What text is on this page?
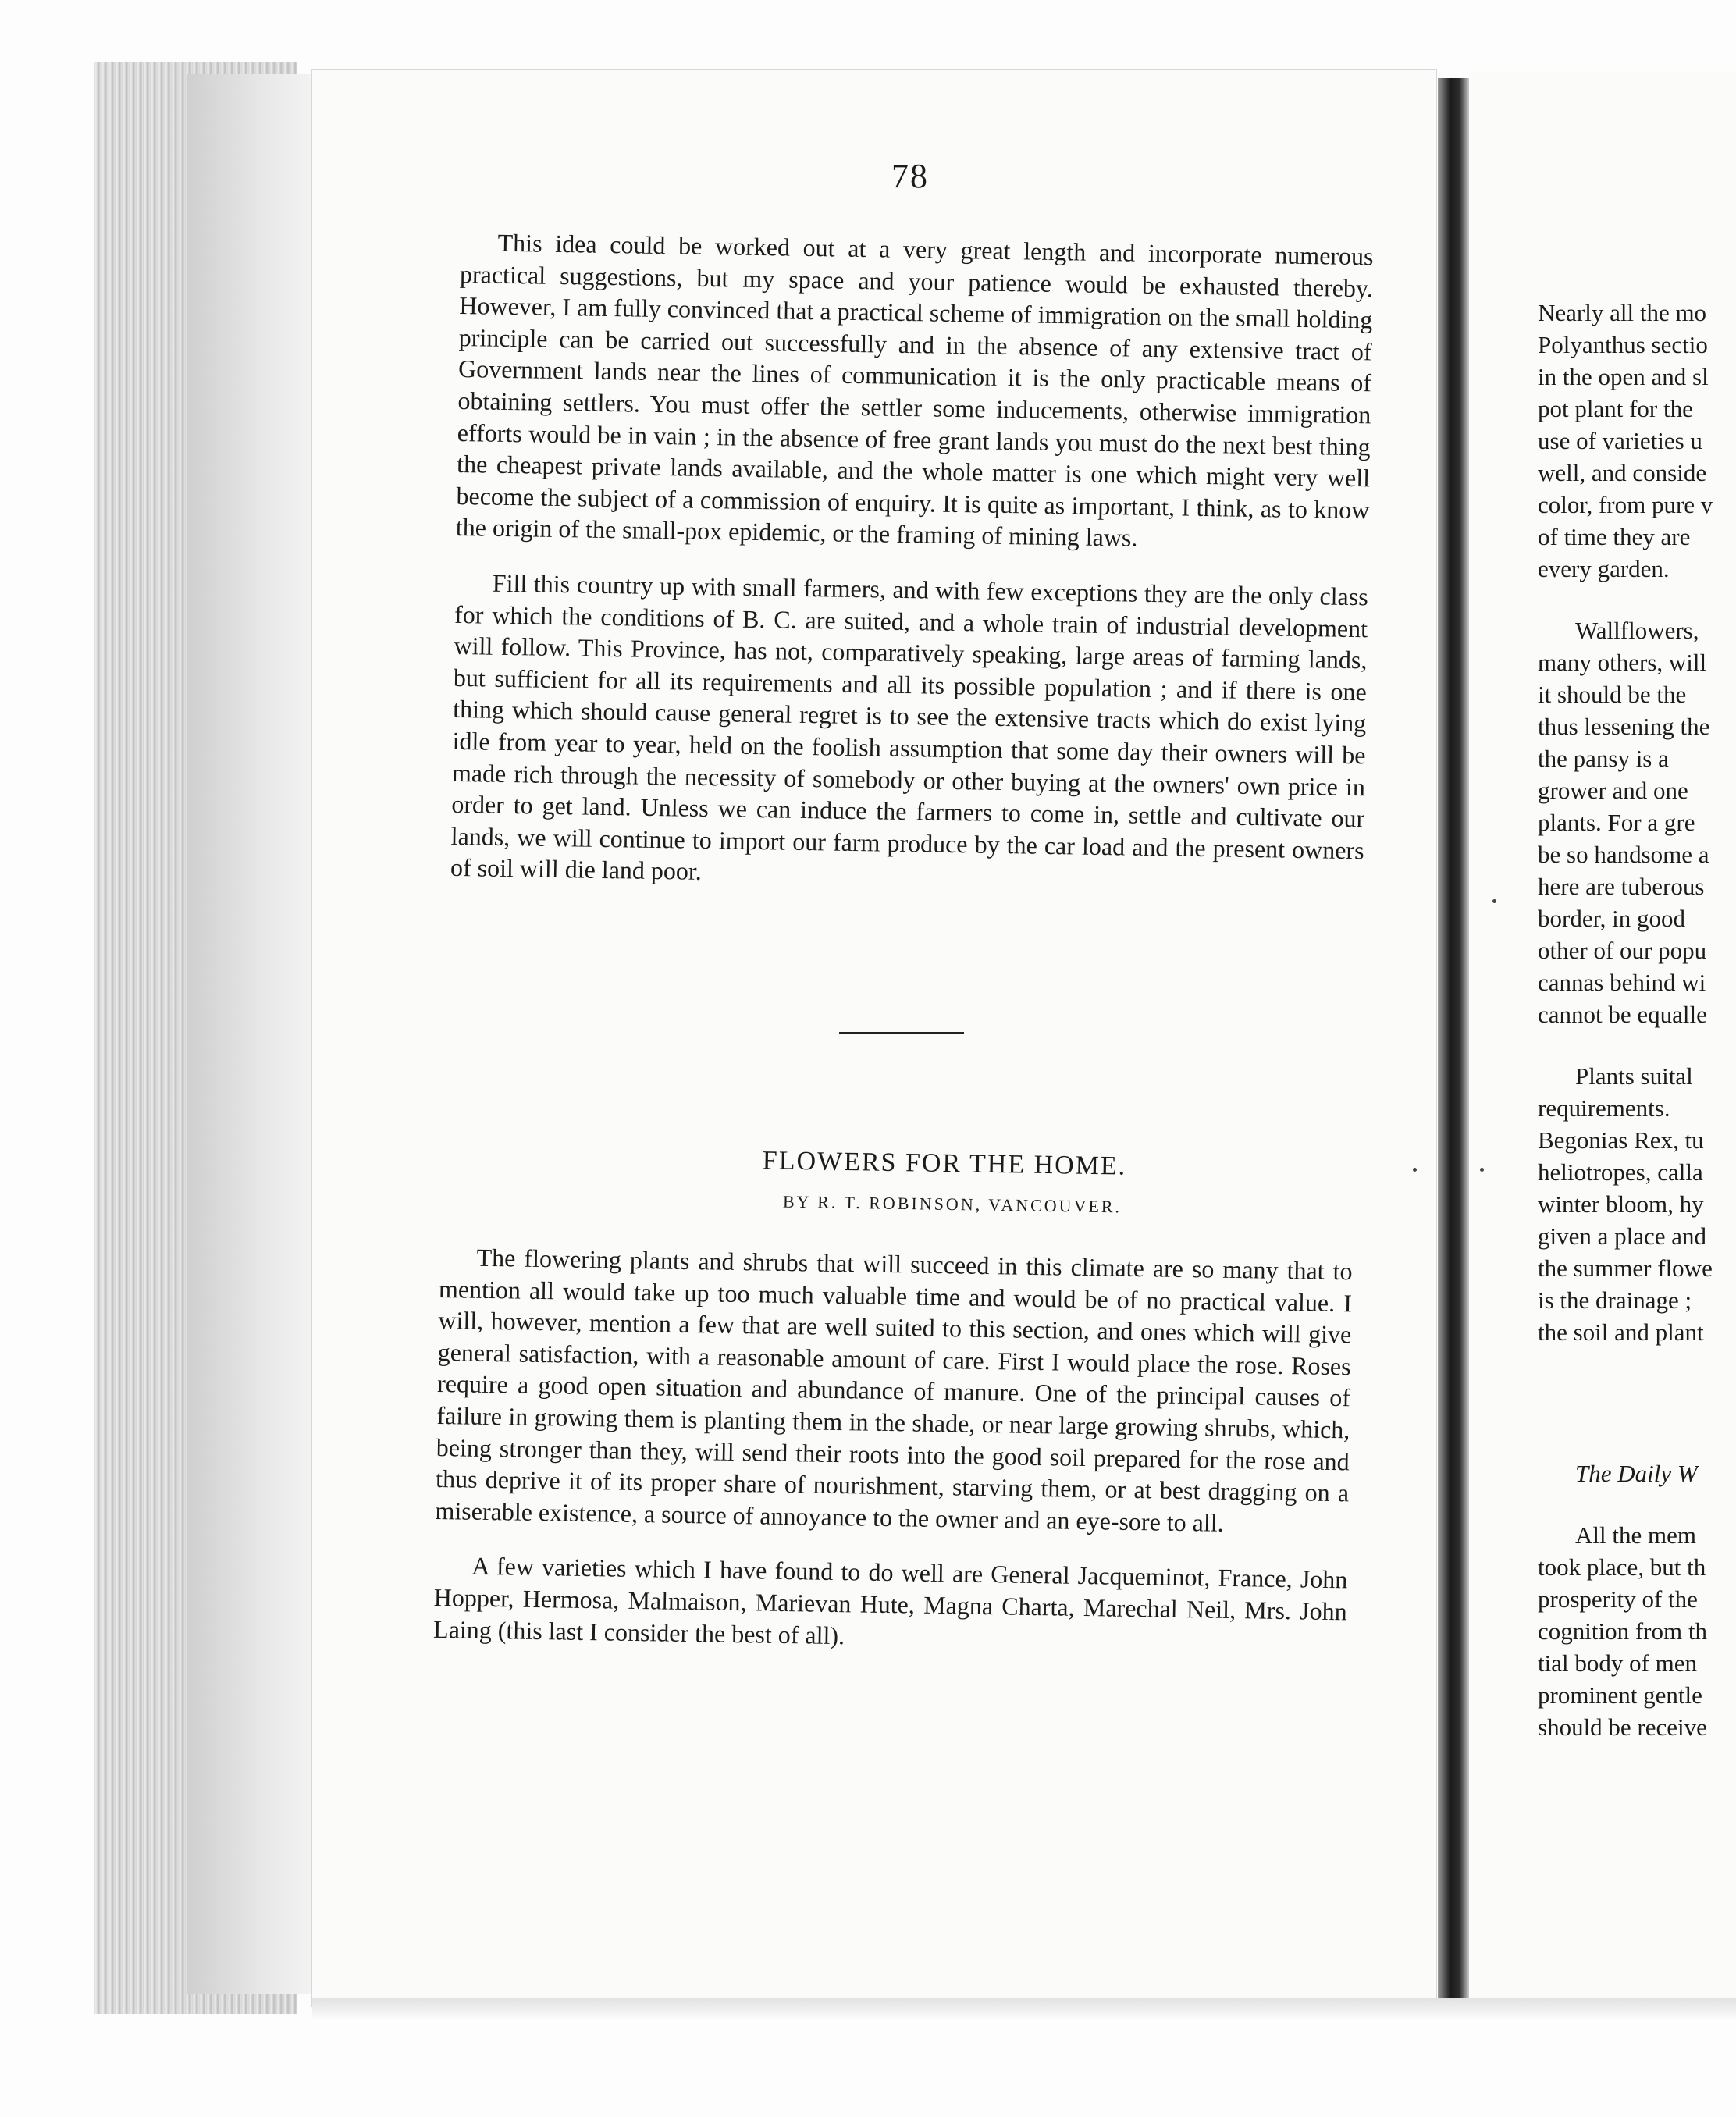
78

This idea could be worked out at a very great length and incorporate numerous practical suggestions, but my space and your patience would be exhausted thereby. However, I am fully convinced that a practical scheme of immigration on the small holding principle can be carried out successfully and in the absence of any extensive tract of Government lands near the lines of communication it is the only practicable means of obtaining settlers. You must offer the settler some inducements, otherwise immigration efforts would be in vain ; in the absence of free grant lands you must do the next best thing the cheapest private lands available, and the whole matter is one which might very well become the subject of a commission of enquiry. It is quite as important, I think, as to know the origin of the small-pox epidemic, or the framing of mining laws.

Fill this country up with small farmers, and with few exceptions they are the only class for which the conditions of B. C. are suited, and a whole train of industrial development will follow. This Province, has not, comparatively speaking, large areas of farming lands, but sufficient for all its requirements and all its possible population ; and if there is one thing which should cause general regret is to see the extensive tracts which do exist lying idle from year to year, held on the foolish assumption that some day their owners will be made rich through the necessity of somebody or other buying at the owners' own price in order to get land. Unless we can induce the farmers to come in, settle and cultivate our lands, we will continue to import our farm produce by the car load and the present owners of soil will die land poor.

FLOWERS FOR THE HOME.
BY R. T. ROBINSON, VANCOUVER.

The flowering plants and shrubs that will succeed in this climate are so many that to mention all would take up too much valuable time and would be of no practical value. I will, however, mention a few that are well suited to this section, and ones which will give general satisfaction, with a reasonable amount of care. First I would place the rose. Roses require a good open situation and abundance of manure. One of the principal causes of failure in growing them is planting them in the shade, or near large growing shrubs, which, being stronger than they, will send their roots into the good soil prepared for the rose and thus deprive it of its proper share of nourishment, starving them, or at best dragging on a miserable existence, a source of annoyance to the owner and an eye-sore to all.

A few varieties which I have found to do well are General Jacqueminot, France, John Hopper, Hermosa, Malmaison, Marievan Hute, Magna Charta, Marechal Neil, Mrs. John Laing (this last I consider the best of all).

Nearly all the mo
Polyanthus sectio
in the open and sl
pot plant for the
use of varieties u
well, and conside
color, from pure v
of time they are
every garden.
Wallflowers,
many others, will
it should be the
thus lessening the
the pansy is a
grower and one
plants. For a gre
be so handsome a
here are tuberous
border, in good
other of our popu
cannas behind wi
cannot be equalle
Plants suital
requirements.
Begonias Rex, tu
heliotropes, calla
winter bloom, hy
given a place and
the summer flowe
is the drainage ;
the soil and plant
The Daily W
All the mem
took place, but th
prosperity of the
cognition from th
tial body of men
prominent gentle
should be receive
